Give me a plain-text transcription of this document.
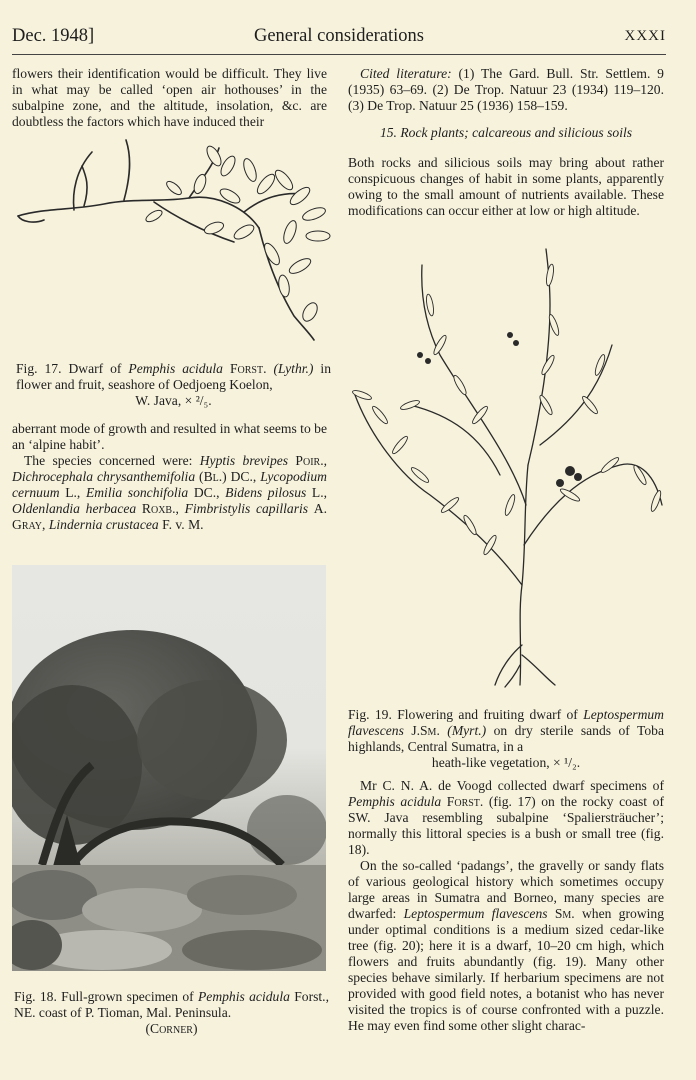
Dec. 1948]	General considerations	XXXI

flowers their identification would be difficult. They live in what may be called ‘open air hothouses’ in the subalpine zone, and the altitude, insolation, &c. are doubtless the factors which have induced their

Fig. 17. Dwarf of Pemphis acidula Forst. (Lythr.) in flower and fruit, seashore of Oedjoeng Koelon,
W. Java, × ²/₅.

aberrant mode of growth and resulted in what seems to be an ‘alpine habit’.

The species concerned were: Hyptis brevipes Poir., Dichrocephala chrysanthemifolia (Bl.) DC., Lycopodium cernuum L., Emilia sonchifolia DC., Bidens pilosus L., Oldenlandia herbacea Roxb., Fimbristylis capillaris A. Gray, Lindernia crustacea F. v. M.

Fig. 18. Full-grown specimen of Pemphis acidula Forst., NE. coast of P. Tioman, Mal. Peninsula.
(Corner)

Cited literature: (1) The Gard. Bull. Str. Settlem. 9 (1935) 63–69. (2) De Trop. Natuur 23 (1934) 119–120. (3) De Trop. Natuur 25 (1936) 158–159.

15. Rock plants; calcareous and silicious soils

Both rocks and silicious soils may bring about rather conspicuous changes of habit in some plants, apparently owing to the small amount of nutrients available. These modifications can occur either at low or high altitude.

Fig. 19. Flowering and fruiting dwarf of Leptospermum flavescens J.Sm. (Myrt.) on dry sterile sands of Toba highlands, Central Sumatra, in a
heath-like vegetation, × ¹/₂.

Mr C. N. A. de Voogd collected dwarf specimens of Pemphis acidula Forst. (fig. 17) on the rocky coast of SW. Java resembling subalpine ‘Spaliersträucher’; normally this littoral species is a bush or small tree (fig. 18).

On the so-called ‘padangs’, the gravelly or sandy flats of various geological history which sometimes occupy large areas in Sumatra and Borneo, many species are dwarfed: Leptospermum flavescens Sm. when growing under optimal conditions is a medium sized cedar-like tree (fig. 20); here it is a dwarf, 10–20 cm high, which flowers and fruits abundantly (fig. 19). Many other species behave similarly. If herbarium specimens are not provided with good field notes, a botanist who has never visited the tropics is of course confronted with a puzzle. He may even find some other slight charac-
